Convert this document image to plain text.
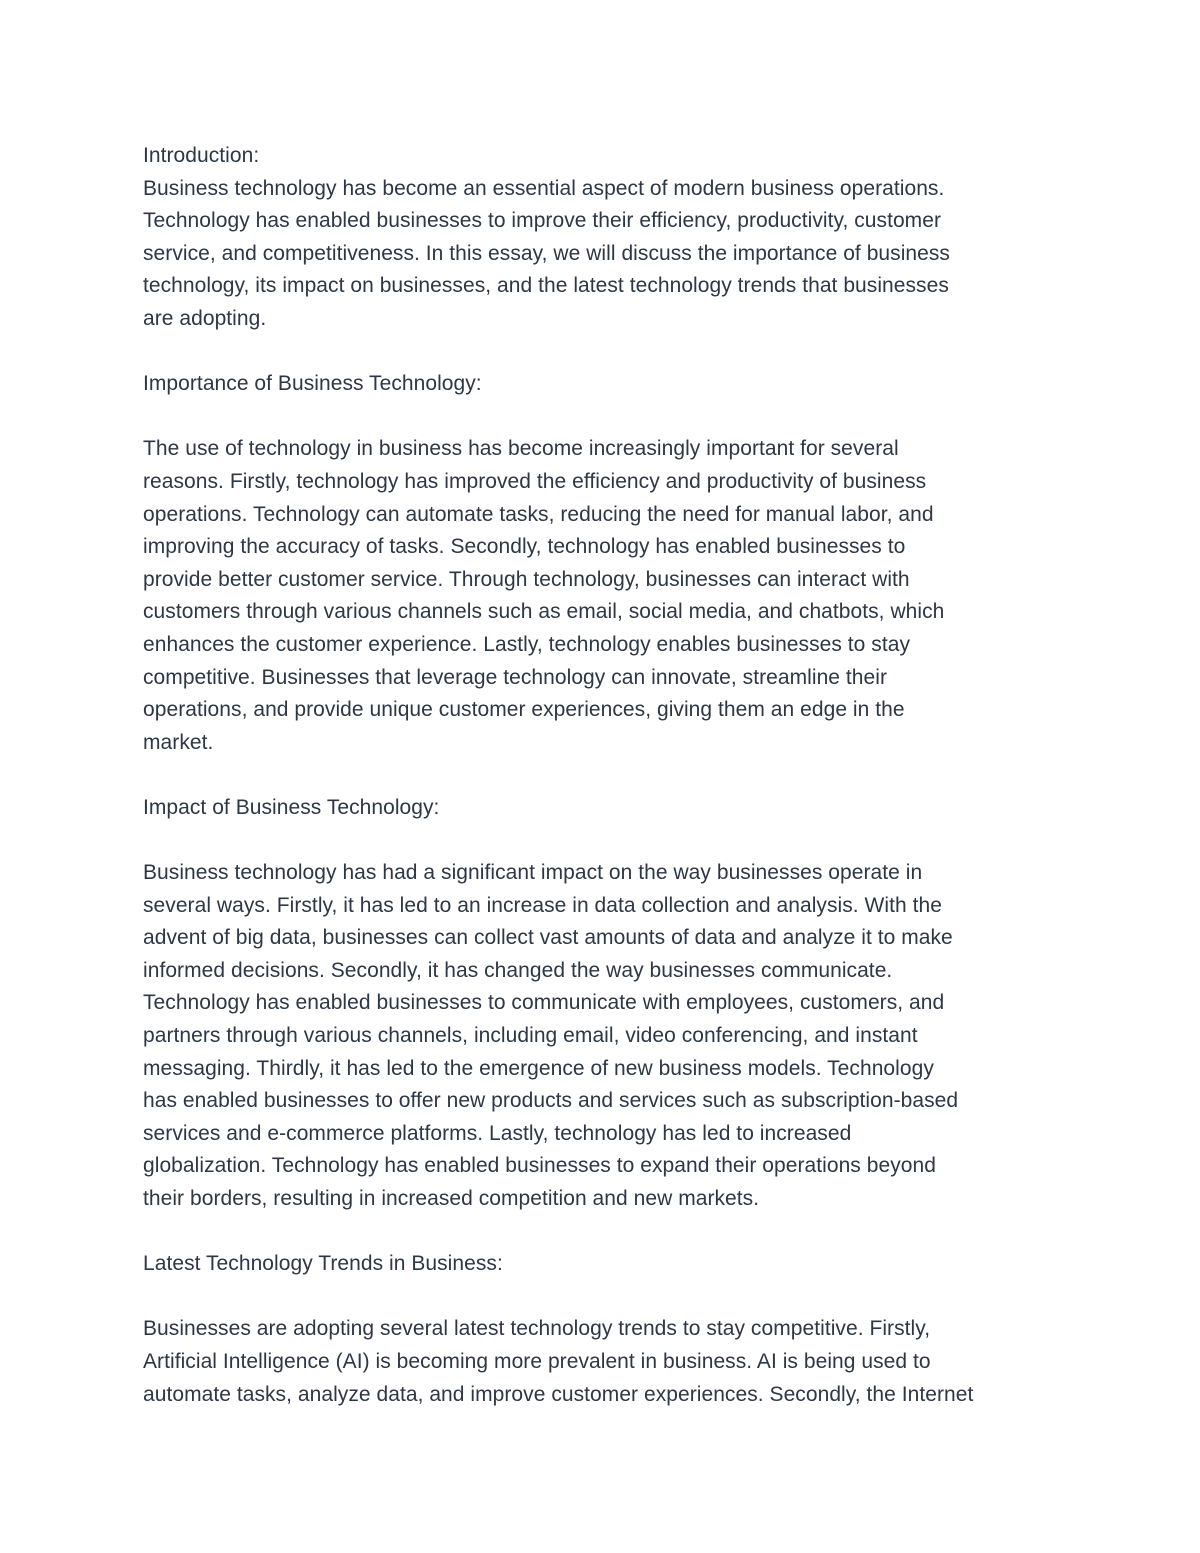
Introduction:

Business technology has become an essential aspect of modern business operations.
Technology has enabled businesses to improve their efficiency, productivity, customer
service, and competitiveness. In this essay, we will discuss the importance of business
technology, its impact on businesses, and the latest technology trends that businesses
are adopting.

Importance of Business Technology:

The use of technology in business has become increasingly important for several
reasons. Firstly, technology has improved the efficiency and productivity of business
operations. Technology can automate tasks, reducing the need for manual labor, and
improving the accuracy of tasks. Secondly, technology has enabled businesses to
provide better customer service. Through technology, businesses can interact with
customers through various channels such as email, social media, and chatbots, which
enhances the customer experience. Lastly, technology enables businesses to stay
competitive. Businesses that leverage technology can innovate, streamline their
operations, and provide unique customer experiences, giving them an edge in the
market.

Impact of Business Technology:

Business technology has had a significant impact on the way businesses operate in
several ways. Firstly, it has led to an increase in data collection and analysis. With the
advent of big data, businesses can collect vast amounts of data and analyze it to make
informed decisions. Secondly, it has changed the way businesses communicate.
Technology has enabled businesses to communicate with employees, customers, and
partners through various channels, including email, video conferencing, and instant
messaging. Thirdly, it has led to the emergence of new business models. Technology
has enabled businesses to offer new products and services such as subscription-based
services and e-commerce platforms. Lastly, technology has led to increased
globalization. Technology has enabled businesses to expand their operations beyond
their borders, resulting in increased competition and new markets.

Latest Technology Trends in Business:

Businesses are adopting several latest technology trends to stay competitive. Firstly,
Artificial Intelligence (AI) is becoming more prevalent in business. AI is being used to
automate tasks, analyze data, and improve customer experiences. Secondly, the Internet
